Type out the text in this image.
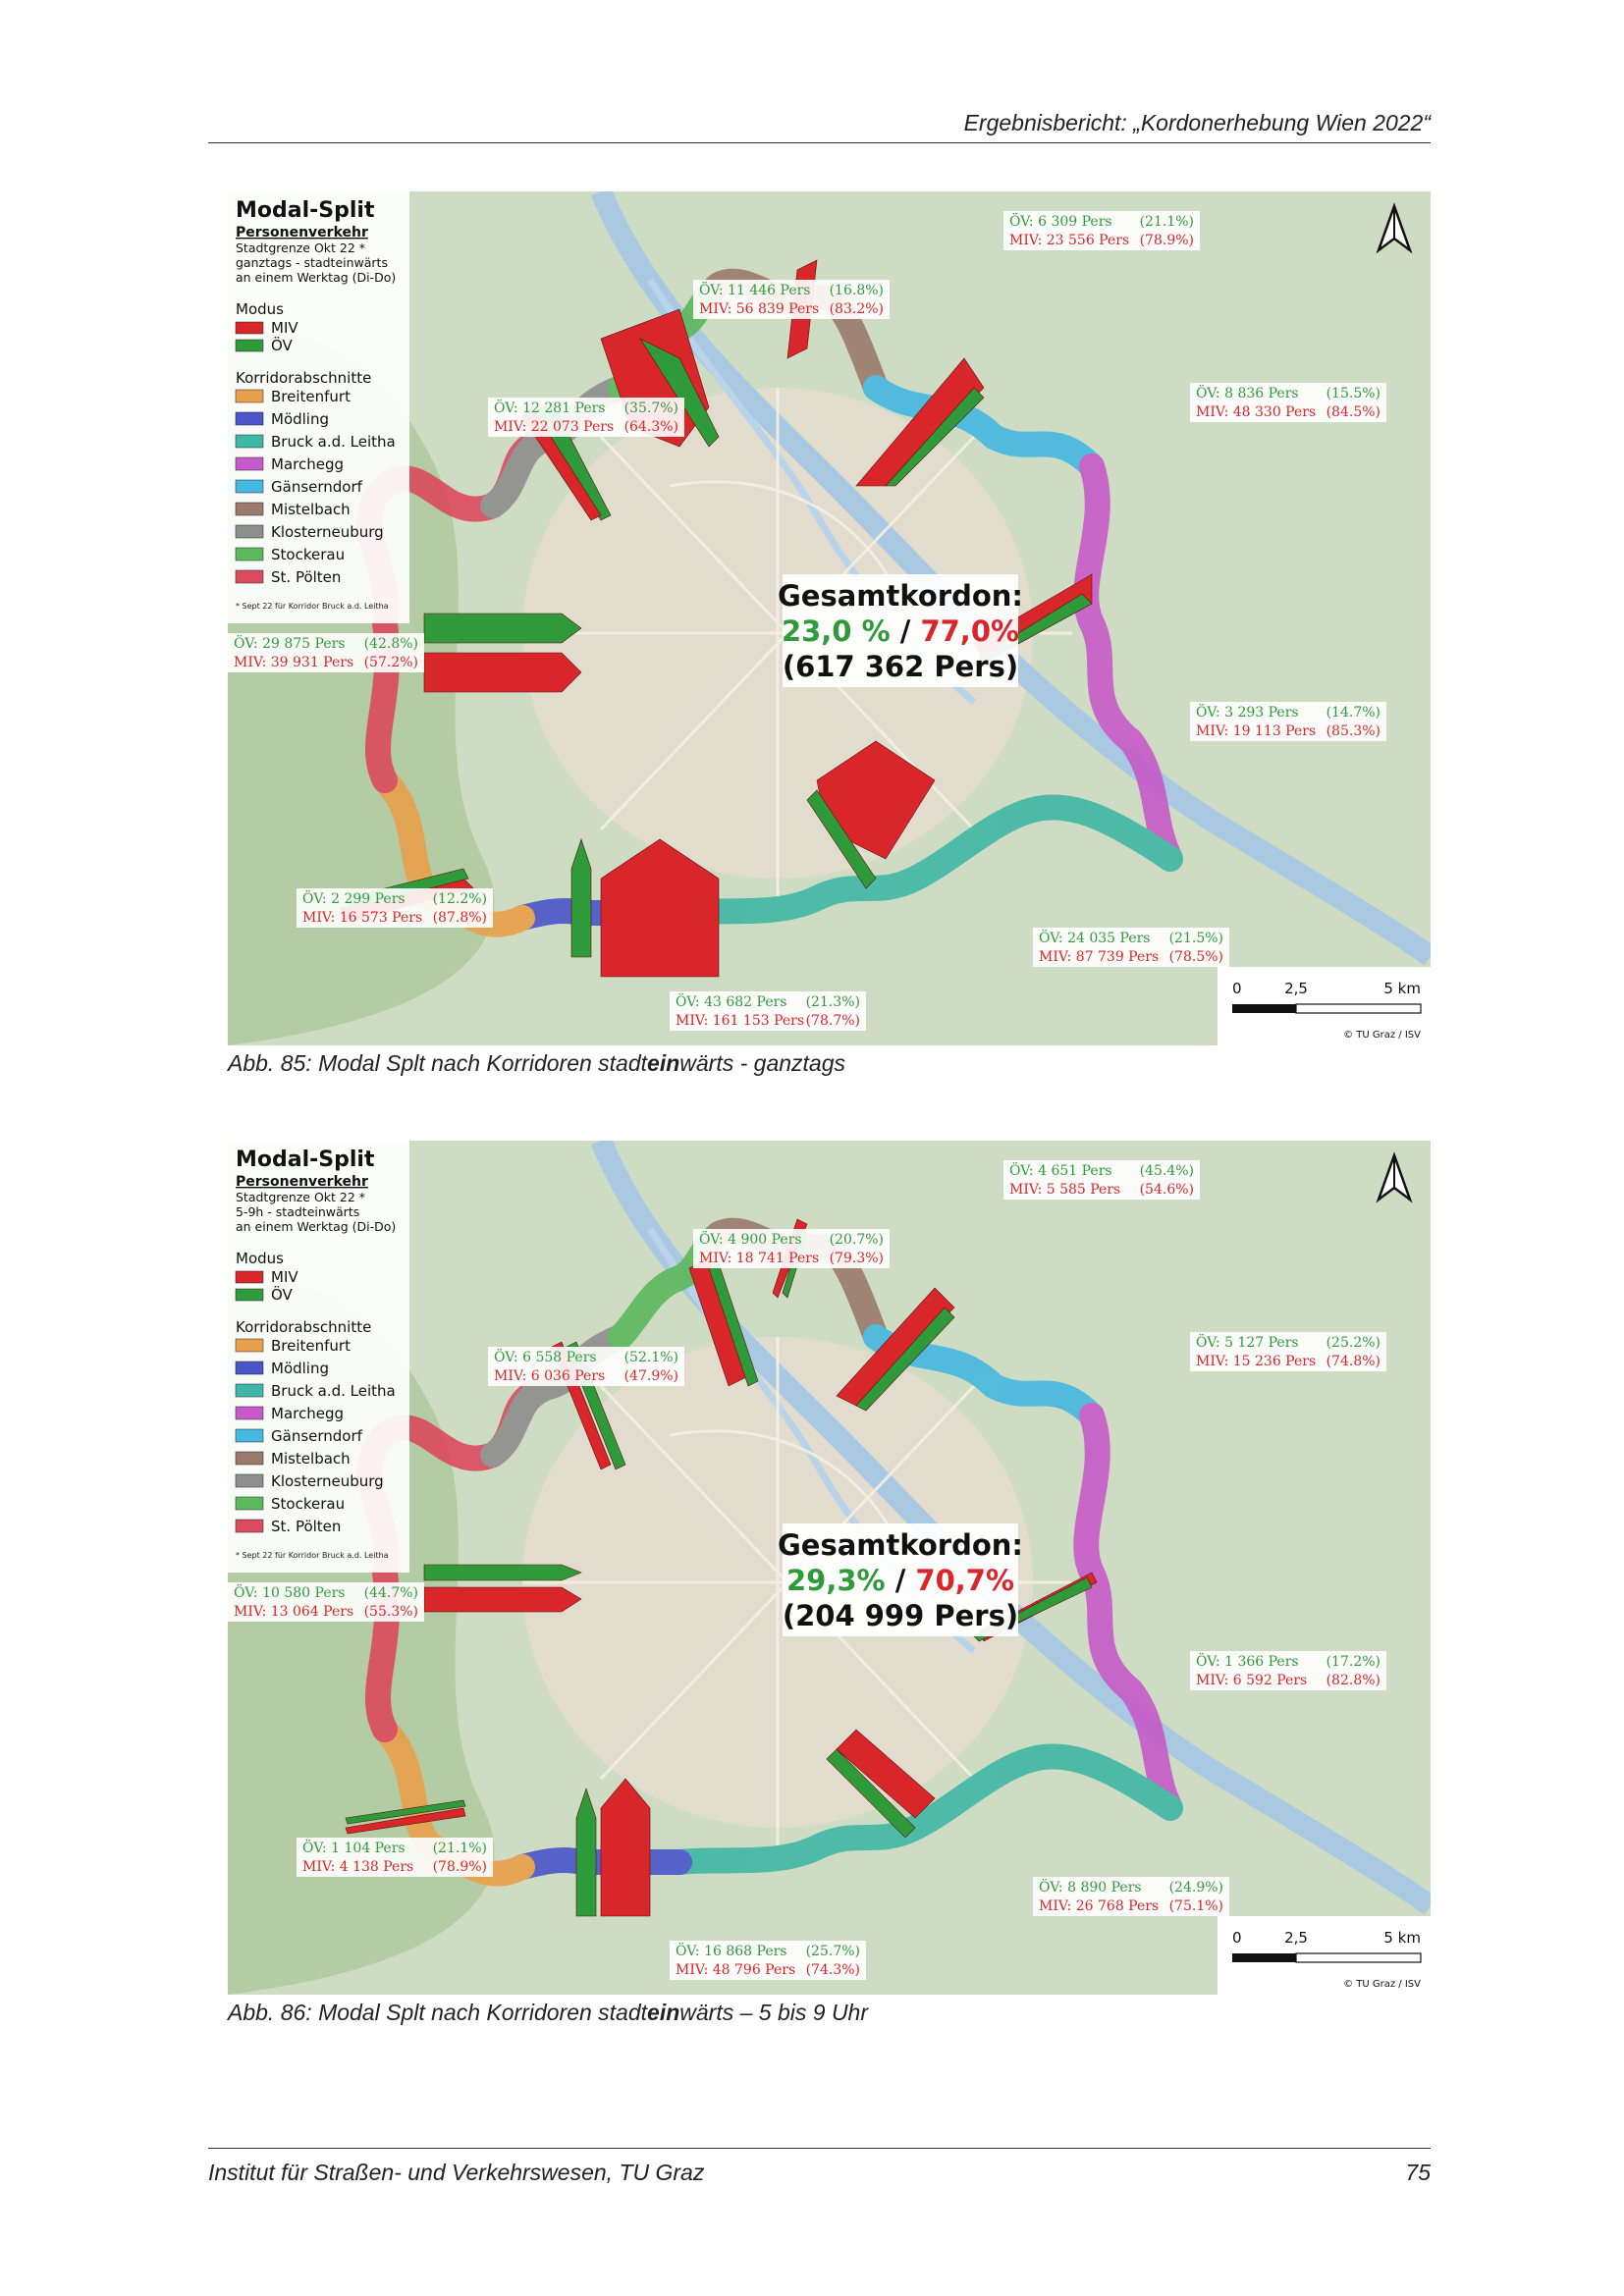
Ergebnisbericht: „Kordonerhebung Wien 2022“
Modal-Split
Personenverkehr
Stadtgrenze Okt 22 *
ganztags - stadteinwärts
an einem Werktag (Di-Do)
Modus
MIV
ÖV
Korridorabschnitte
Breitenfurt
Mödling
Bruck a.d. Leitha
Marchegg
Gänserndorf
Mistelbach
Klosterneuburg
Stockerau
St. Pölten
* Sept 22 für Korridor Bruck a.d. Leitha	Gesamtkordon:
23,0 % / 77,0%
(617 362 Pers)
ÖV: 6 309 Pers (21.1%)
MIV: 23 556 Pers (78.9%)
ÖV: 11 446 Pers (16.8%)
MIV: 56 839 Pers (83.2%)
ÖV: 12 281 Pers (35.7%)
MIV: 22 073 Pers (64.3%)
ÖV: 8 836 Pers (15.5%)
MIV: 48 330 Pers (84.5%)
ÖV: 29 875 Pers (42.8%)
MIV: 39 931 Pers (57.2%)
ÖV: 3 293 Pers (14.7%)
MIV: 19 113 Pers (85.3%)
ÖV: 2 299 Pers (12.2%)
MIV: 16 573 Pers (87.8%)
ÖV: 24 035 Pers (21.5%)
MIV: 87 739 Pers (78.5%)
ÖV: 43 682 Pers (21.3%)
MIV: 161 153 Pers (78.7%)
0	2,5	5 km
© TU Graz / ISV
Abb. 85: Modal Splt nach Korridoren stadteinwärts - ganztags
Modal-Split
Personenverkehr
Stadtgrenze Okt 22 *
5-9h - stadteinwärts
an einem Werktag (Di-Do)
Modus
MIV
ÖV
Korridorabschnitte
Breitenfurt
Mödling
Bruck a.d. Leitha
Marchegg
Gänserndorf
Mistelbach
Klosterneuburg
Stockerau
St. Pölten
* Sept 22 für Korridor Bruck a.d. Leitha	Gesamtkordon:
29,3% / 70,7%
(204 999 Pers)
ÖV: 4 651 Pers (45.4%)
MIV: 5 585 Pers (54.6%)
ÖV: 4 900 Pers (20.7%)
MIV: 18 741 Pers (79.3%)
ÖV: 6 558 Pers (52.1%)
MIV: 6 036 Pers (47.9%)
ÖV: 5 127 Pers (25.2%)
MIV: 15 236 Pers (74.8%)
ÖV: 10 580 Pers (44.7%)
MIV: 13 064 Pers (55.3%)
ÖV: 1 366 Pers (17.2%)
MIV: 6 592 Pers (82.8%)
ÖV: 1 104 Pers (21.1%)
MIV: 4 138 Pers (78.9%)
ÖV: 8 890 Pers (24.9%)
MIV: 26 768 Pers (75.1%)
ÖV: 16 868 Pers (25.7%)
MIV: 48 796 Pers (74.3%)
0	2,5	5 km
© TU Graz / ISV
Abb. 86: Modal Splt nach Korridoren stadteinwärts – 5 bis 9 Uhr
Institut für Straßen- und Verkehrswesen, TU Graz	75
